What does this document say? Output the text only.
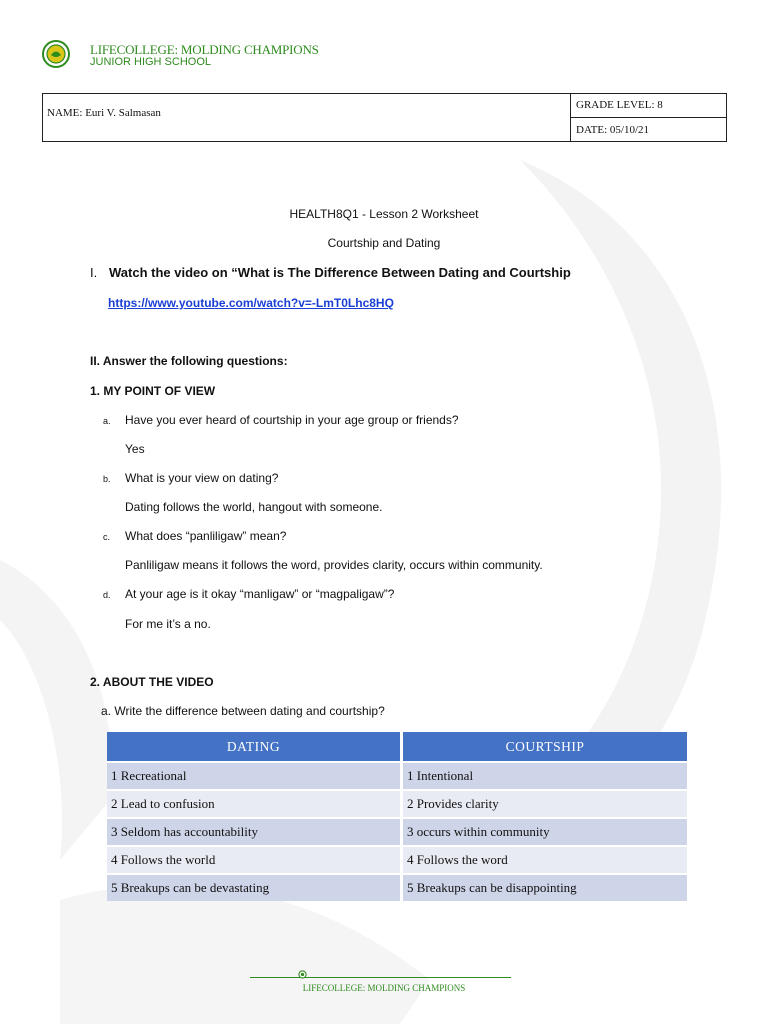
LIFECOLLEGE: MOLDING CHAMPIONS
JUNIOR HIGH SCHOOL
NAME: Euri V. Salmasan
GRADE LEVEL: 8
DATE: 05/10/21
HEALTH8Q1 - Lesson 2 Worksheet
Courtship and Dating
I. Watch the video on “What is The Difference Between Dating and Courtship
https://www.youtube.com/watch?v=-LmT0Lhc8HQ
II. Answer the following questions:
1. MY POINT OF VIEW
a. Have you ever heard of courtship in your age group or friends?
Yes
b. What is your view on dating?
Dating follows the world, hangout with someone.
c. What does “panliligaw” mean?
Panliligaw means it follows the word, provides clarity, occurs within community.
d. At your age is it okay “manligaw” or “magpaligaw”?
For me it’s a no.
2. ABOUT THE VIDEO
a. Write the difference between dating and courtship?
DATING	COURTSHIP
1 Recreational	1 Intentional
2 Lead to confusion	2 Provides clarity
3 Seldom has accountability	3 occurs within community
4 Follows the world	4 Follows the word
5 Breakups can be devastating	5 Breakups can be disappointing
LIFECOLLEGE: MOLDING CHAMPIONS
